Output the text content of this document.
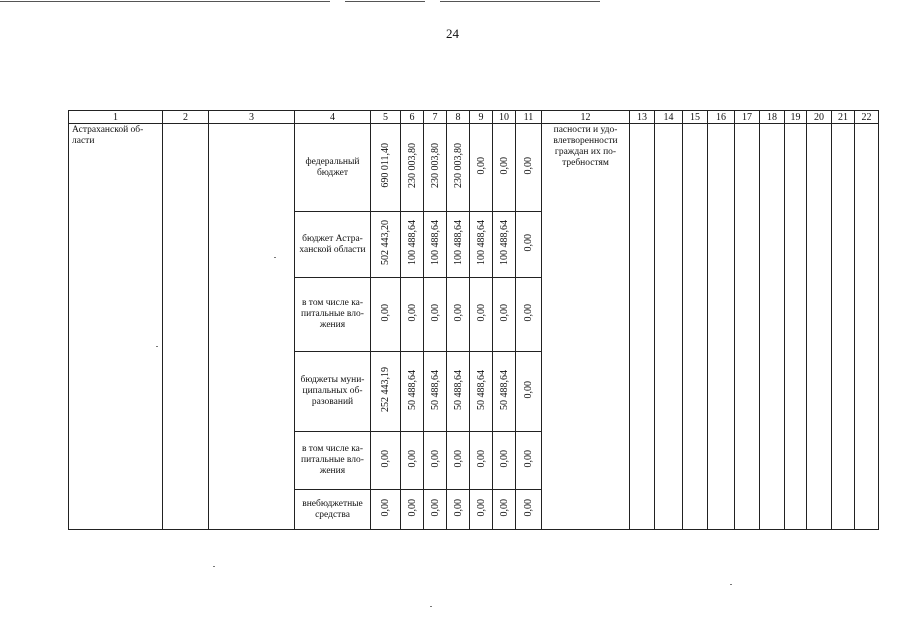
24
1	2	3	4	5	6	7	8	9	10	11	12	13	14	15	16	17	18	19	20	21	22
Астраханской об- ласти			федеральный бюджет	690 011,40	230 003,80	230 003,80	230 003,80	0,00	0,00	0,00	пасности и удо- влетворенности граждан их по- требностям										
			бюджет Астра- ханской области	502 443,20	100 488,64	100 488,64	100 488,64	100 488,64	100 488,64	0,00											
			в том числе ка- питальные вло- жения	0,00	0,00	0,00	0,00	0,00	0,00	0,00											
			бюджеты муни- ципальных об- разований	252 443,19	50 488,64	50 488,64	50 488,64	50 488,64	50 488,64	0,00											
			в том числе ка- питальные вло- жения	0,00	0,00	0,00	0,00	0,00	0,00	0,00											
			внебюджетные средства	0,00	0,00	0,00	0,00	0,00	0,00	0,00											
